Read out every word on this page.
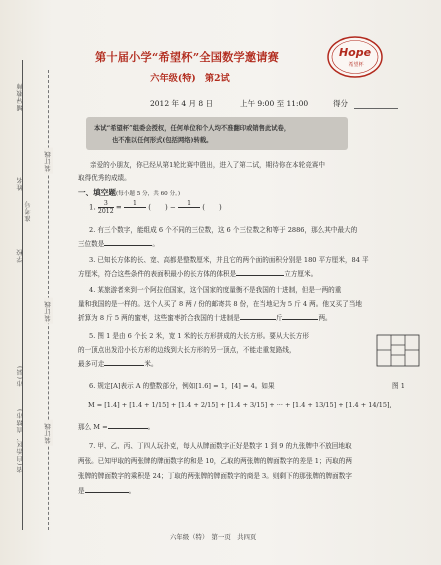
辅导教师
姓名
学校
准考号
省(自治区、直辖市)
市(县)
装订线
装订线
装订线
第十届小学“希望杯”全国数学邀请赛
六年级(特)　第2试
Hope
希望杯
2012 年 4 月 8 日	上午 9:00 至 11:00	得分

本试“希望杯”组委会授权，任何单位和个人均不准翻印或销售此试卷，

也不准以任何形式(包括网络)转载。

亲爱的小朋友，你已经从第1轮比赛中胜出，进入了第二试，期待你在本轮竞赛中
取得优秀的成绩。
一、填空题(每小题 5 分，共 60 分。)
1. $\frac{3}{2012}$ =	1
	( ) −	1	( )
2. 有三个数字，能组成 6 个不同的三位数，这 6 个三位数之和等于 2886，那么其中最大的
三位数是	。
3. 已知长方体的长、宽、高都是整数厘米，并且它的两个面的面积分别是 180 平方厘米，84 平
方厘米，符合这些条件的表面积最小的长方体的体积是	立方厘米。
4. 某旅游者来到一个阿拉伯国家，这个国家的度量衡不是我国的十进制，但是一两的重
量和我国的是一样的。这个人买了 8 两 / 份的邮寄共 8 份，在当地记为 5 斤 4 两。他又买了当地
折算为 8 斤 5 两的蜜枣，这些蜜枣折合我国的十进制是	斤	两。
5. 图 1 是由 6 个长 2 米，宽 1 米的长方形拼成的大长方形。要从大长方形
的一顶点出发沿小长方形的边线到大长方形的另一顶点，不能走重复路线，
最多可走	米。
图 1
6. 规定[A]表示 A 的整数部分，例如[1.6] = 1，[4] = 4。如果
M = [1.4] + [1.4 + 1/15] + [1.4 + 2/15] + [1.4 + 3/15] + ··· + [1.4 + 13/15] + [1.4 + 14/15],
那么 M =	。
7. 甲、乙、丙、丁四人玩扑克，每人从牌面数字正好是数字 1 到 9 的九张牌中不放回地取
两张。已知甲取的两张牌的牌面数字的和是 10，乙取的两张牌的牌面数字的差是 1；丙取的两
张牌的牌面数字的乘积是 24；丁取的两张牌的牌面数字的商是 3。则剩下的那张牌的牌面数字
是	。
六年级（特）　第一页　共四页
